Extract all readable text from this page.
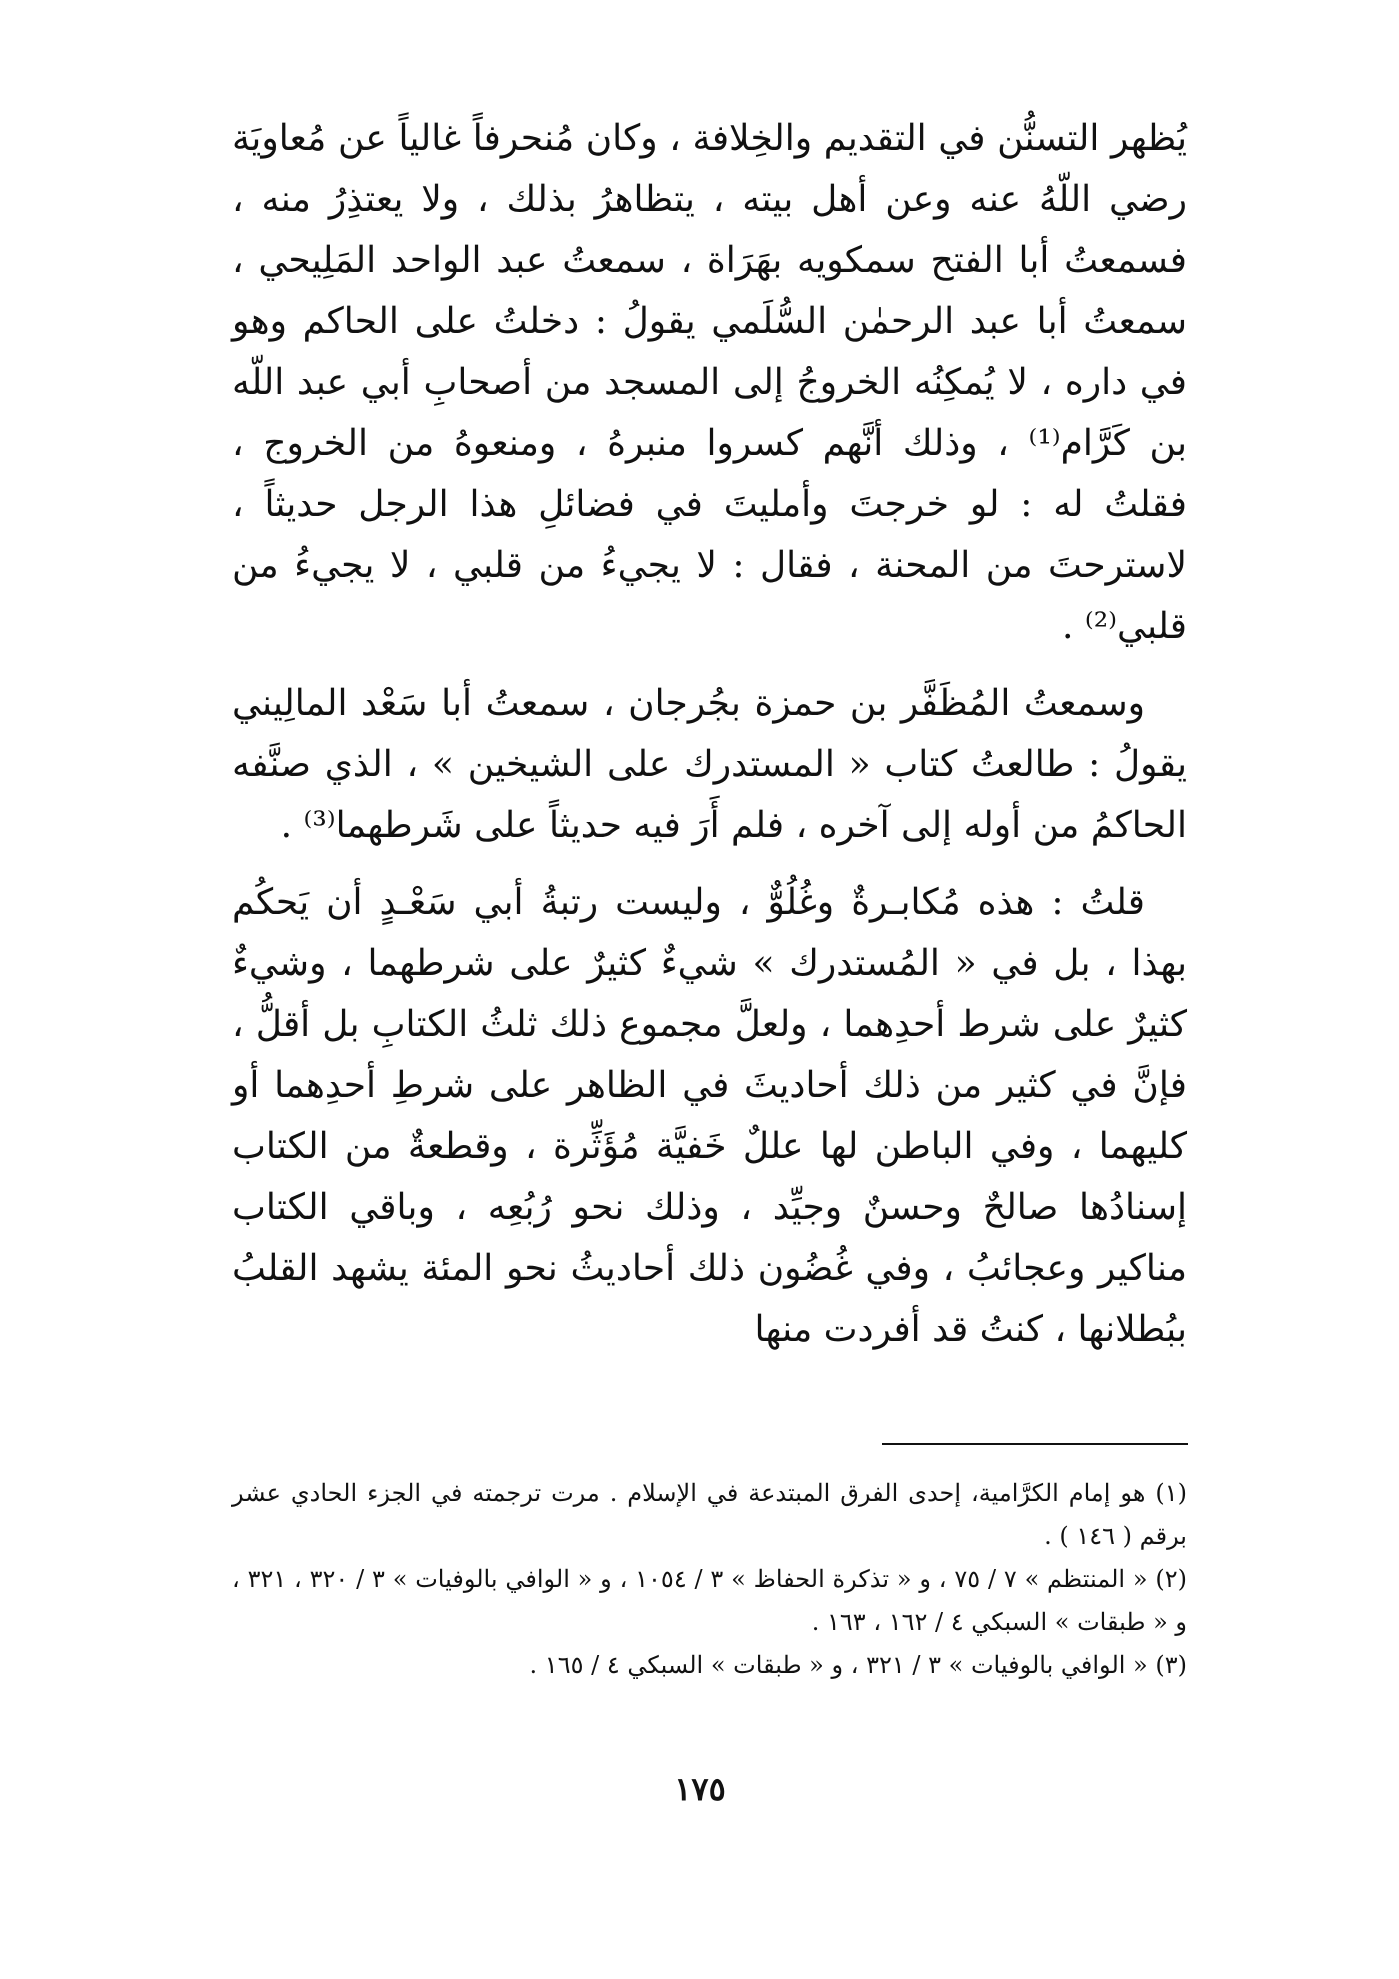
يُظهر التسنُّن في التقديم والخِلافة ، وكان مُنحرفاً غالياً عن مُعاويَة رضي اللّهُ عنه وعن أهل بيته ، يتظاهرُ بذلك ، ولا يعتذِرُ منه ، فسمعتُ أبا الفتح سمكويه بهَرَاة ، سمعتُ عبد الواحد المَلِيحي ، سمعتُ أبا عبد الرحمٰن السُّلَمي يقولُ : دخلتُ على الحاكم وهو في داره ، لا يُمكِنُه الخروجُ إلى المسجد من أصحابِ أبي عبد اللّه بن كَرَّام⁽¹⁾ ، وذلك أنَّهم كسروا منبرهُ ، ومنعوهُ من الخروج ، فقلتُ له : لو خرجتَ وأمليتَ في فضائلِ هذا الرجل حديثاً ، لاسترحتَ من المحنة ، فقال : لا يجيءُ من قلبي ، لا يجيءُ من قلبي⁽²⁾ .

وسمعتُ المُظَفَّر بن حمزة بجُرجان ، سمعتُ أبا سَعْد المالِيني يقولُ : طالعتُ كتاب « المستدرك على الشيخين » ، الذي صنَّفه الحاكمُ من أوله إلى آخره ، فلم أَرَ فيه حديثاً على شَرطهما⁽³⁾ .

قلتُ : هذه مُكابـرةٌ وغُلُوٌّ ، وليست رتبةُ أبي سَعْـدٍ أن يَحكُم بهذا ، بل في « المُستدرك » شيءٌ كثيرٌ على شرطهما ، وشيءٌ كثيرٌ على شرط أحدِهما ، ولعلَّ مجموع ذلك ثلثُ الكتابِ بل أقلُّ ، فإنَّ في كثير من ذلك أحاديثَ في الظاهر على شرطِ أحدِهما أو كليهما ، وفي الباطن لها عللٌ خَفيَّة مُؤَثِّرة ، وقطعةٌ من الكتاب إسنادُها صالحٌ وحسنٌ وجيِّد ، وذلك نحو رُبُعِه ، وباقي الكتاب مناكير وعجائبُ ، وفي غُضُون ذلك أحاديثُ نحو المئة يشهد القلبُ ببُطلانها ، كنتُ قد أفردت منها

(١) هو إمام الكرَّامية، إحدى الفرق المبتدعة في الإسلام . مرت ترجمته في الجزء الحادي عشر برقم ( ١٤٦ ) .

(٢) « المنتظم » ٧ / ٧٥ ، و « تذكرة الحفاظ » ٣ / ١٠٥٤ ، و « الوافي بالوفيات » ٣ / ٣٢٠ ، ٣٢١ ، و « طبقات » السبكي ٤ / ١٦٢ ، ١٦٣ .

(٣) « الوافي بالوفيات » ٣ / ٣٢١ ، و « طبقات » السبكي ٤ / ١٦٥ .

١٧٥
